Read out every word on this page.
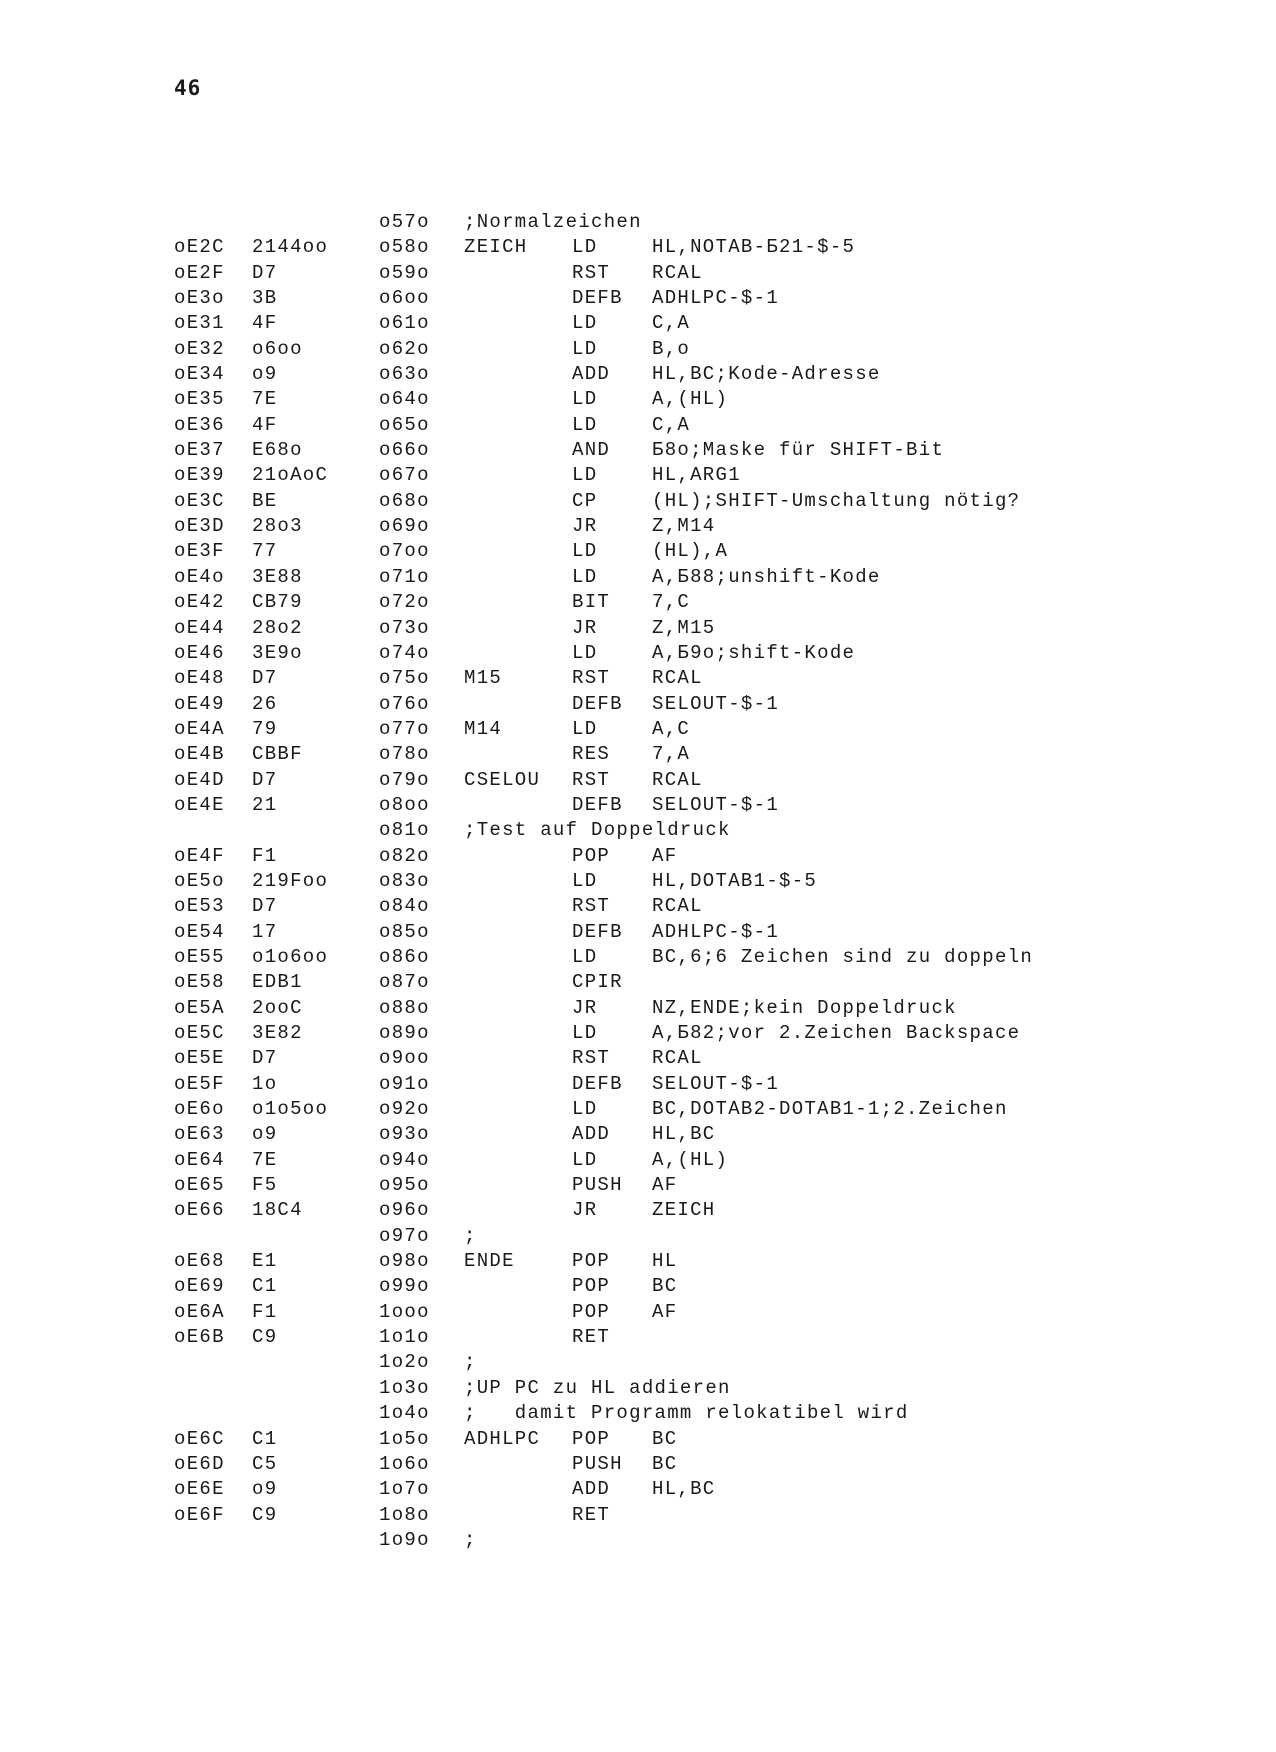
46
o57o ;Normalzeichen
oE2C 2144oo	o58o ZEICH LD	HL,NOTAB-Б21-$-5
oE2F D7	o59o	RST RCAL
oE3o 3B	o6oo	DEFB ADHLPC-$-1
oE31 4F	o61o	LD	C,A
oE32 o6oo	o62o	LD	B,o
oE34 o9	o63o	ADD HL,BC;Kode-Adresse
oE35 7E	o64o	LD	A,(HL)
oE36 4F	o65o	LD	C,A
oE37 E68o	o66o	AND Б8o;Maske für SHIFT-Bit
oE39 21oAoC	o67o	LD	HL,ARG1
oE3C BE	o68o	CP	(HL);SHIFT-Umschaltung nötig?
oE3D 28o3	o69o	JR	Z,M14
oE3F 77	o7oo	LD	(HL),A
oE4o 3E88	o71o	LD	A,Б88;unshift-Kode
oE42 CB79	o72o	BIT 7,C
oE44 28o2	o73o	JR	Z,M15
oE46 3E9o	o74o	LD	A,Б9o;shift-Kode
oE48 D7	o75o M15	RST RCAL
oE49 26	o76o	DEFB SELOUT-$-1
oE4A 79	o77o M14	LD	A,C
oE4B CBBF	o78o	RES 7,A
oE4D D7	o79o CSELOU RST RCAL
oE4E 21	o8oo	DEFB SELOUT-$-1
o81o ;Test auf Doppeldruck
oE4F F1	o82o	POP AF
oE5o 219Foo	o83o	LD	HL,DOTAB1-$-5
oE53 D7	o84o	RST RCAL
oE54 17	o85o	DEFB ADHLPC-$-1
oE55 o1o6oo	o86o	LD	BC,6;6 Zeichen sind zu doppeln
oE58 EDB1	o87o	CPIR
oE5A 2ooC	o88o	JR	NZ,ENDE;kein Doppeldruck
oE5C 3E82	o89o	LD	A,Б82;vor 2.Zeichen Backspace
oE5E D7	o9oo	RST RCAL
oE5F 1o	o91o	DEFB SELOUT-$-1
oE6o o1o5oo	o92o	LD	BC,DOTAB2-DOTAB1-1;2.Zeichen
oE63 o9	o93o	ADD HL,BC
oE64 7E	o94o	LD	A,(HL)
oE65 F5	o95o	PUSH AF
oE66 18C4	o96o	JR	ZEICH
o97o ;
oE68 E1	o98o ENDE	POP HL
oE69 C1	o99o	POP BC
oE6A F1	1ooo	POP AF
oE6B C9	1o1o	RET
1o2o ;
1o3o ;UP PC zu HL addieren
1o4o ;   damit Programm relokatibel wird
oE6C C1	1o5o ADHLPC POP BC
oE6D C5	1o6o	PUSH BC
oE6E o9	1o7o	ADD HL,BC
oE6F C9	1o8o	RET
1o9o ;
